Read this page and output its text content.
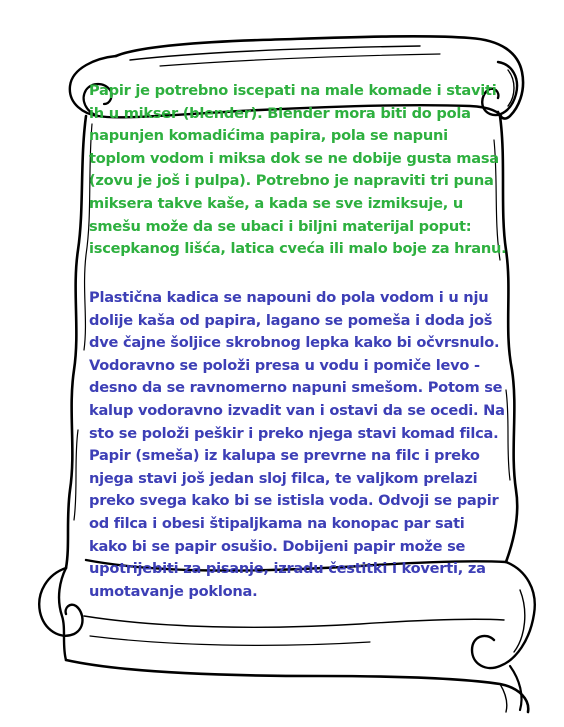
Papir je potrebno iscepati na male komade i staviti ih u mikser (blender). Blender mora biti do pola napunjen komadićima papira, pola se napuni toplom vodom i miksa dok se ne dobije gusta masa (zovu je još i pulpa). Potrebno je napraviti tri puna miksera takve kaše, a kada se sve izmiksuje, u smešu može da se ubaci i biljni materijal poput: iscepkanog lišća, latica cveća ili malo boje za hranu.

Plastična kadica se napouni do pola vodom i u nju dolije kaša od papira, lagano se pomeša i doda još dve čajne šoljice skrobnog lepka kako bi očvrsnulo. Vodoravno se položi presa u vodu i pomiče levo - desno da se ravnomerno napuni smešom. Potom se kalup vodoravno izvadit van i ostavi da se ocedi. Na sto se položi peškir i preko njega stavi komad filca. Papir (smeša) iz kalupa se prevrne na filc i preko njega stavi još jedan sloj filca, te valjkom prelazi preko svega kako bi se istisla voda. Odvoji se papir od filca i obesi štipaljkama na konopac par sati kako bi se papir osušio. Dobijeni papir može se upotrijebiti za pisanje, izradu čestitki i koverti, za umotavanje poklona.
